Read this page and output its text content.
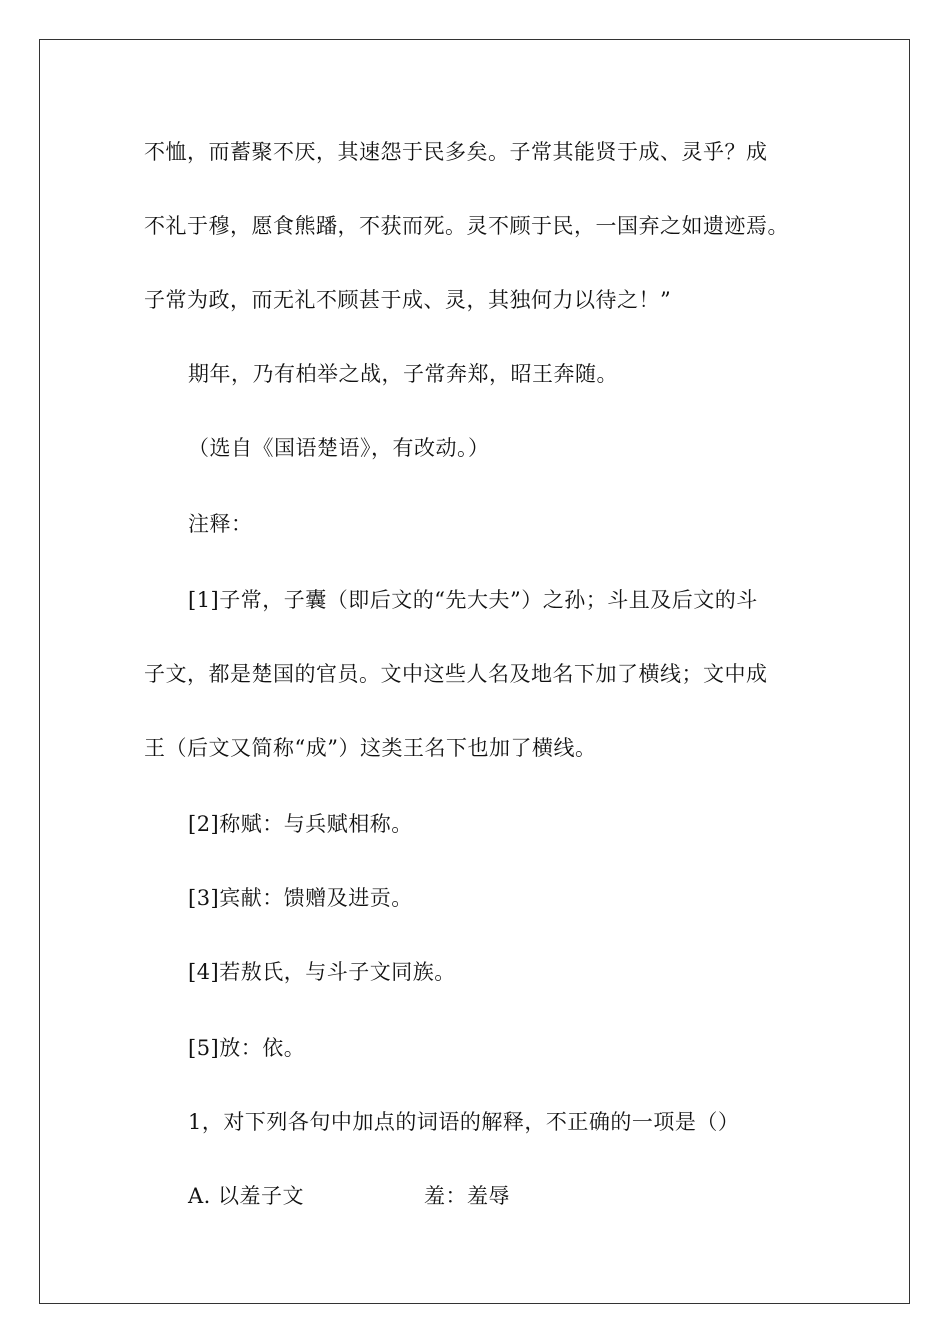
不恤，而蓄聚不厌，其速怨于民多矣。子常其能贤于成、灵乎？成
不礼于穆，愿食熊蹯，不获而死。灵不顾于民，一国弃之如遗迹焉。
子常为政，而无礼不顾甚于成、灵，其独何力以待之！”
期年，乃有柏举之战，子常奔郑，昭王奔随。
（选自《国语楚语》，有改动。）
注释：
[1]子常，子囊（即后文的“先大夫”）之孙；斗且及后文的斗
子文，都是楚国的官员。文中这些人名及地名下加了横线；文中成
王（后文又简称“成”）这类王名下也加了横线。
[2]称赋：与兵赋相称。
[3]宾献：馈赠及进贡。
[4]若敖氏，与斗子文同族。
[5]放：依。
1，对下列各句中加点的词语的解释，不正确的一项是（）
A. 以羞子文	羞：羞辱
